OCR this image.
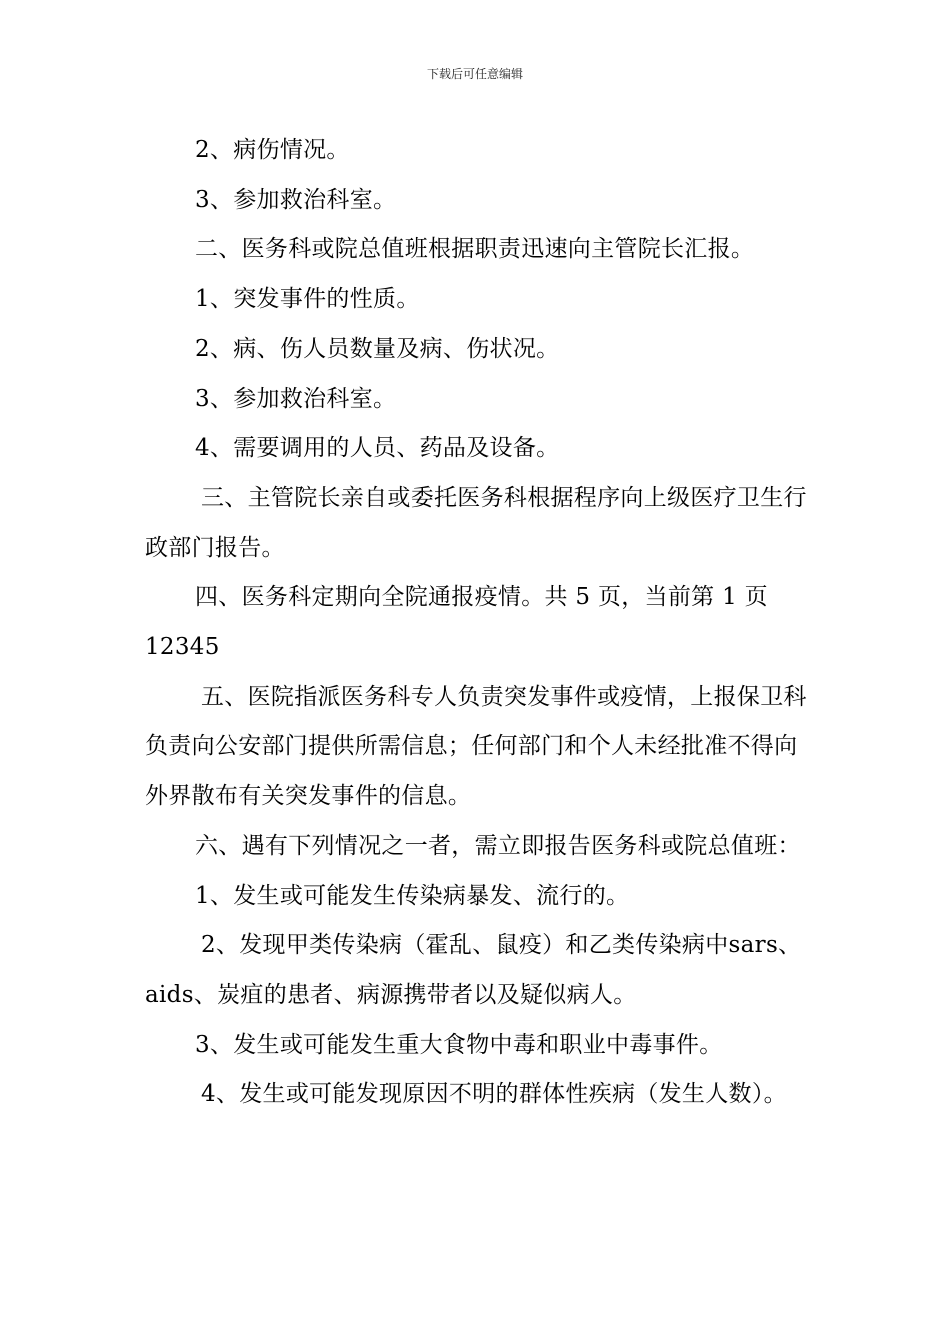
下载后可任意编辑

2、病伤情况。

3、参加救治科室。

二、医务科或院总值班根据职责迅速向主管院长汇报。

1、突发事件的性质。

2、病、伤人员数量及病、伤状况。

3、参加救治科室。

4、需要调用的人员、药品及设备。

三、主管院长亲自或委托医务科根据程序向上级医疗卫生行政部门报告。

四、医务科定期向全院通报疫情。共 5 页，当前第 1 页

12345

五、医院指派医务科专人负责突发事件或疫情，上报保卫科负责向公安部门提供所需信息；任何部门和个人未经批准不得向外界散布有关突发事件的信息。

六、遇有下列情况之一者，需立即报告医务科或院总值班：

1、发生或可能发生传染病暴发、流行的。

2、发现甲类传染病（霍乱、鼠疫）和乙类传染病中sars、aids、炭疽的患者、病源携带者以及疑似病人。

3、发生或可能发生重大食物中毒和职业中毒事件。

4、发生或可能发现原因不明的群体性疾病（发生人数）。
